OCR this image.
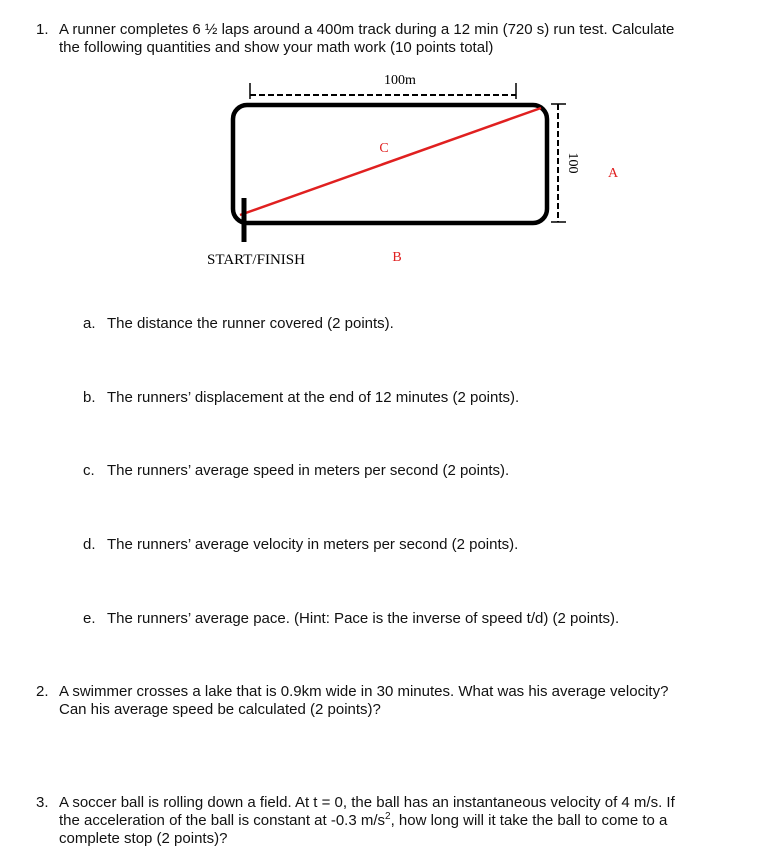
1. A runner completes 6 ½ laps around a 400m track during a 12 min (720 s) run test. Calculate
the following quantities and show your math work (10 points total)
100m
100
C
A
B
START/FINISH
a. The distance the runner covered (2 points).
b. The runners’ displacement at the end of 12 minutes (2 points).
c. The runners’ average speed in meters per second (2 points).
d. The runners’ average velocity in meters per second (2 points).
e. The runners’ average pace. (Hint: Pace is the inverse of speed t/d) (2 points).
2. A swimmer crosses a lake that is 0.9km wide in 30 minutes. What was his average velocity?
Can his average speed be calculated (2 points)?
3. A soccer ball is rolling down a field. At t = 0, the ball has an instantaneous velocity of 4 m/s. If
the acceleration of the ball is constant at -0.3 $m/s^2$, how long will it take the ball to come to a
complete stop (2 points)?
